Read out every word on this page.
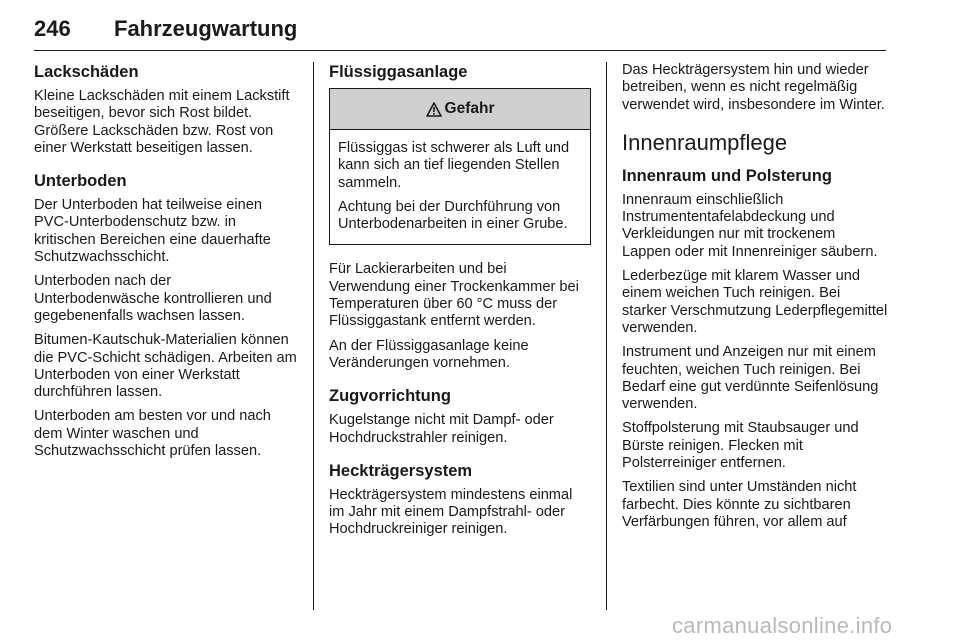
246 Fahrzeugwartung
Lackschäden

Kleine Lackschäden mit einem Lackstift beseitigen, bevor sich Rost bildet. Größere Lackschäden bzw. Rost von einer Werkstatt beseitigen lassen.

Unterboden

Der Unterboden hat teilweise einen PVC-Unterbodenschutz bzw. in kritischen Bereichen eine dauerhafte Schutzwachsschicht.

Unterboden nach der Unterbodenwäsche kontrollieren und gegebenenfalls wachsen lassen.

Bitumen-Kautschuk-Materialien können die PVC-Schicht schädigen. Arbeiten am Unterboden von einer Werkstatt durchführen lassen.

Unterboden am besten vor und nach dem Winter waschen und Schutzwachsschicht prüfen lassen.

Flüssiggasanlage
Gefahr

Flüssiggas ist schwerer als Luft und kann sich an tief liegenden Stellen sammeln.

Achtung bei der Durchführung von Unterbodenarbeiten in einer Grube.

Für Lackierarbeiten und bei Verwendung einer Trockenkammer bei Temperaturen über 60 °C muss der Flüssiggastank entfernt werden.

An der Flüssiggasanlage keine Veränderungen vornehmen.

Zugvorrichtung

Kugelstange nicht mit Dampf- oder Hochdruckstrahler reinigen.

Heckträgersystem

Heckträgersystem mindestens einmal im Jahr mit einem Dampfstrahl- oder Hochdruckreiniger reinigen.

Das Heckträgersystem hin und wieder betreiben, wenn es nicht regelmäßig verwendet wird, insbesondere im Winter.

Innenraumpflege
Innenraum und Polsterung

Innenraum einschließlich Instrumententafelabdeckung und Verkleidungen nur mit trockenem Lappen oder mit Innenreiniger säubern.

Lederbezüge mit klarem Wasser und einem weichen Tuch reinigen. Bei starker Verschmutzung Lederpflegemittel verwenden.

Instrument und Anzeigen nur mit einem feuchten, weichen Tuch reinigen. Bei Bedarf eine gut verdünnte Seifenlösung verwenden.

Stoffpolsterung mit Staubsauger und Bürste reinigen. Flecken mit Polsterreiniger entfernen.

Textilien sind unter Umständen nicht farbecht. Dies könnte zu sichtbaren Verfärbungen führen, vor allem auf

carmanualsonline.info
